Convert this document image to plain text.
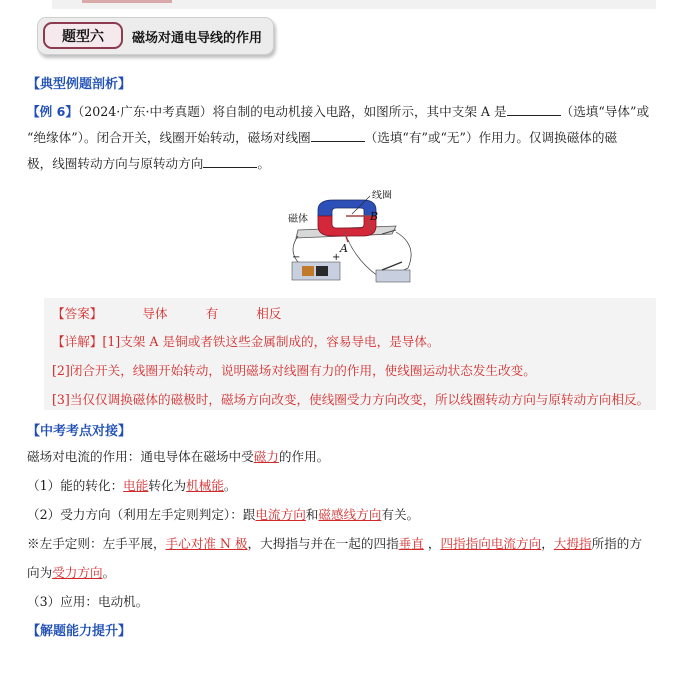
题型六	磁场对通电导线的作用
【典型例题剖析】
【例 6】（2024·广东·中考真题）将自制的电动机接入电路，如图所示，其中支架 A 是	（选填“导体”或
“绝缘体”）。闭合开关，线圈开始转动，磁场对线圈	（选填“有”或“无”）作用力。仅调换磁体的磁
极，线圈转动方向与原转动方向	。
线圈
磁体	B
A
−	+
【答案】	导体	有	相反
【详解】[1]支架 A 是铜或者铁这些金属制成的，容易导电，是导体。
[2]闭合开关，线圈开始转动，说明磁场对线圈有力的作用，使线圈运动状态发生改变。
[3]当仅仅调换磁体的磁极时，磁场方向改变，使线圈受力方向改变，所以线圈转动方向与原转动方向相反。
【中考考点对接】
磁场对电流的作用：通电导体在磁场中受磁力的作用。
（1）能的转化：电能转化为机械能。
（2）受力方向（利用左手定则判定）：跟电流方向和磁感线方向有关。
※左手定则：左手平展，手心对准 N 极，大拇指与并在一起的四指垂直 ，四指指向电流方向，大拇指所指的方
向为受力方向。
（3）应用：电动机。
【解题能力提升】
